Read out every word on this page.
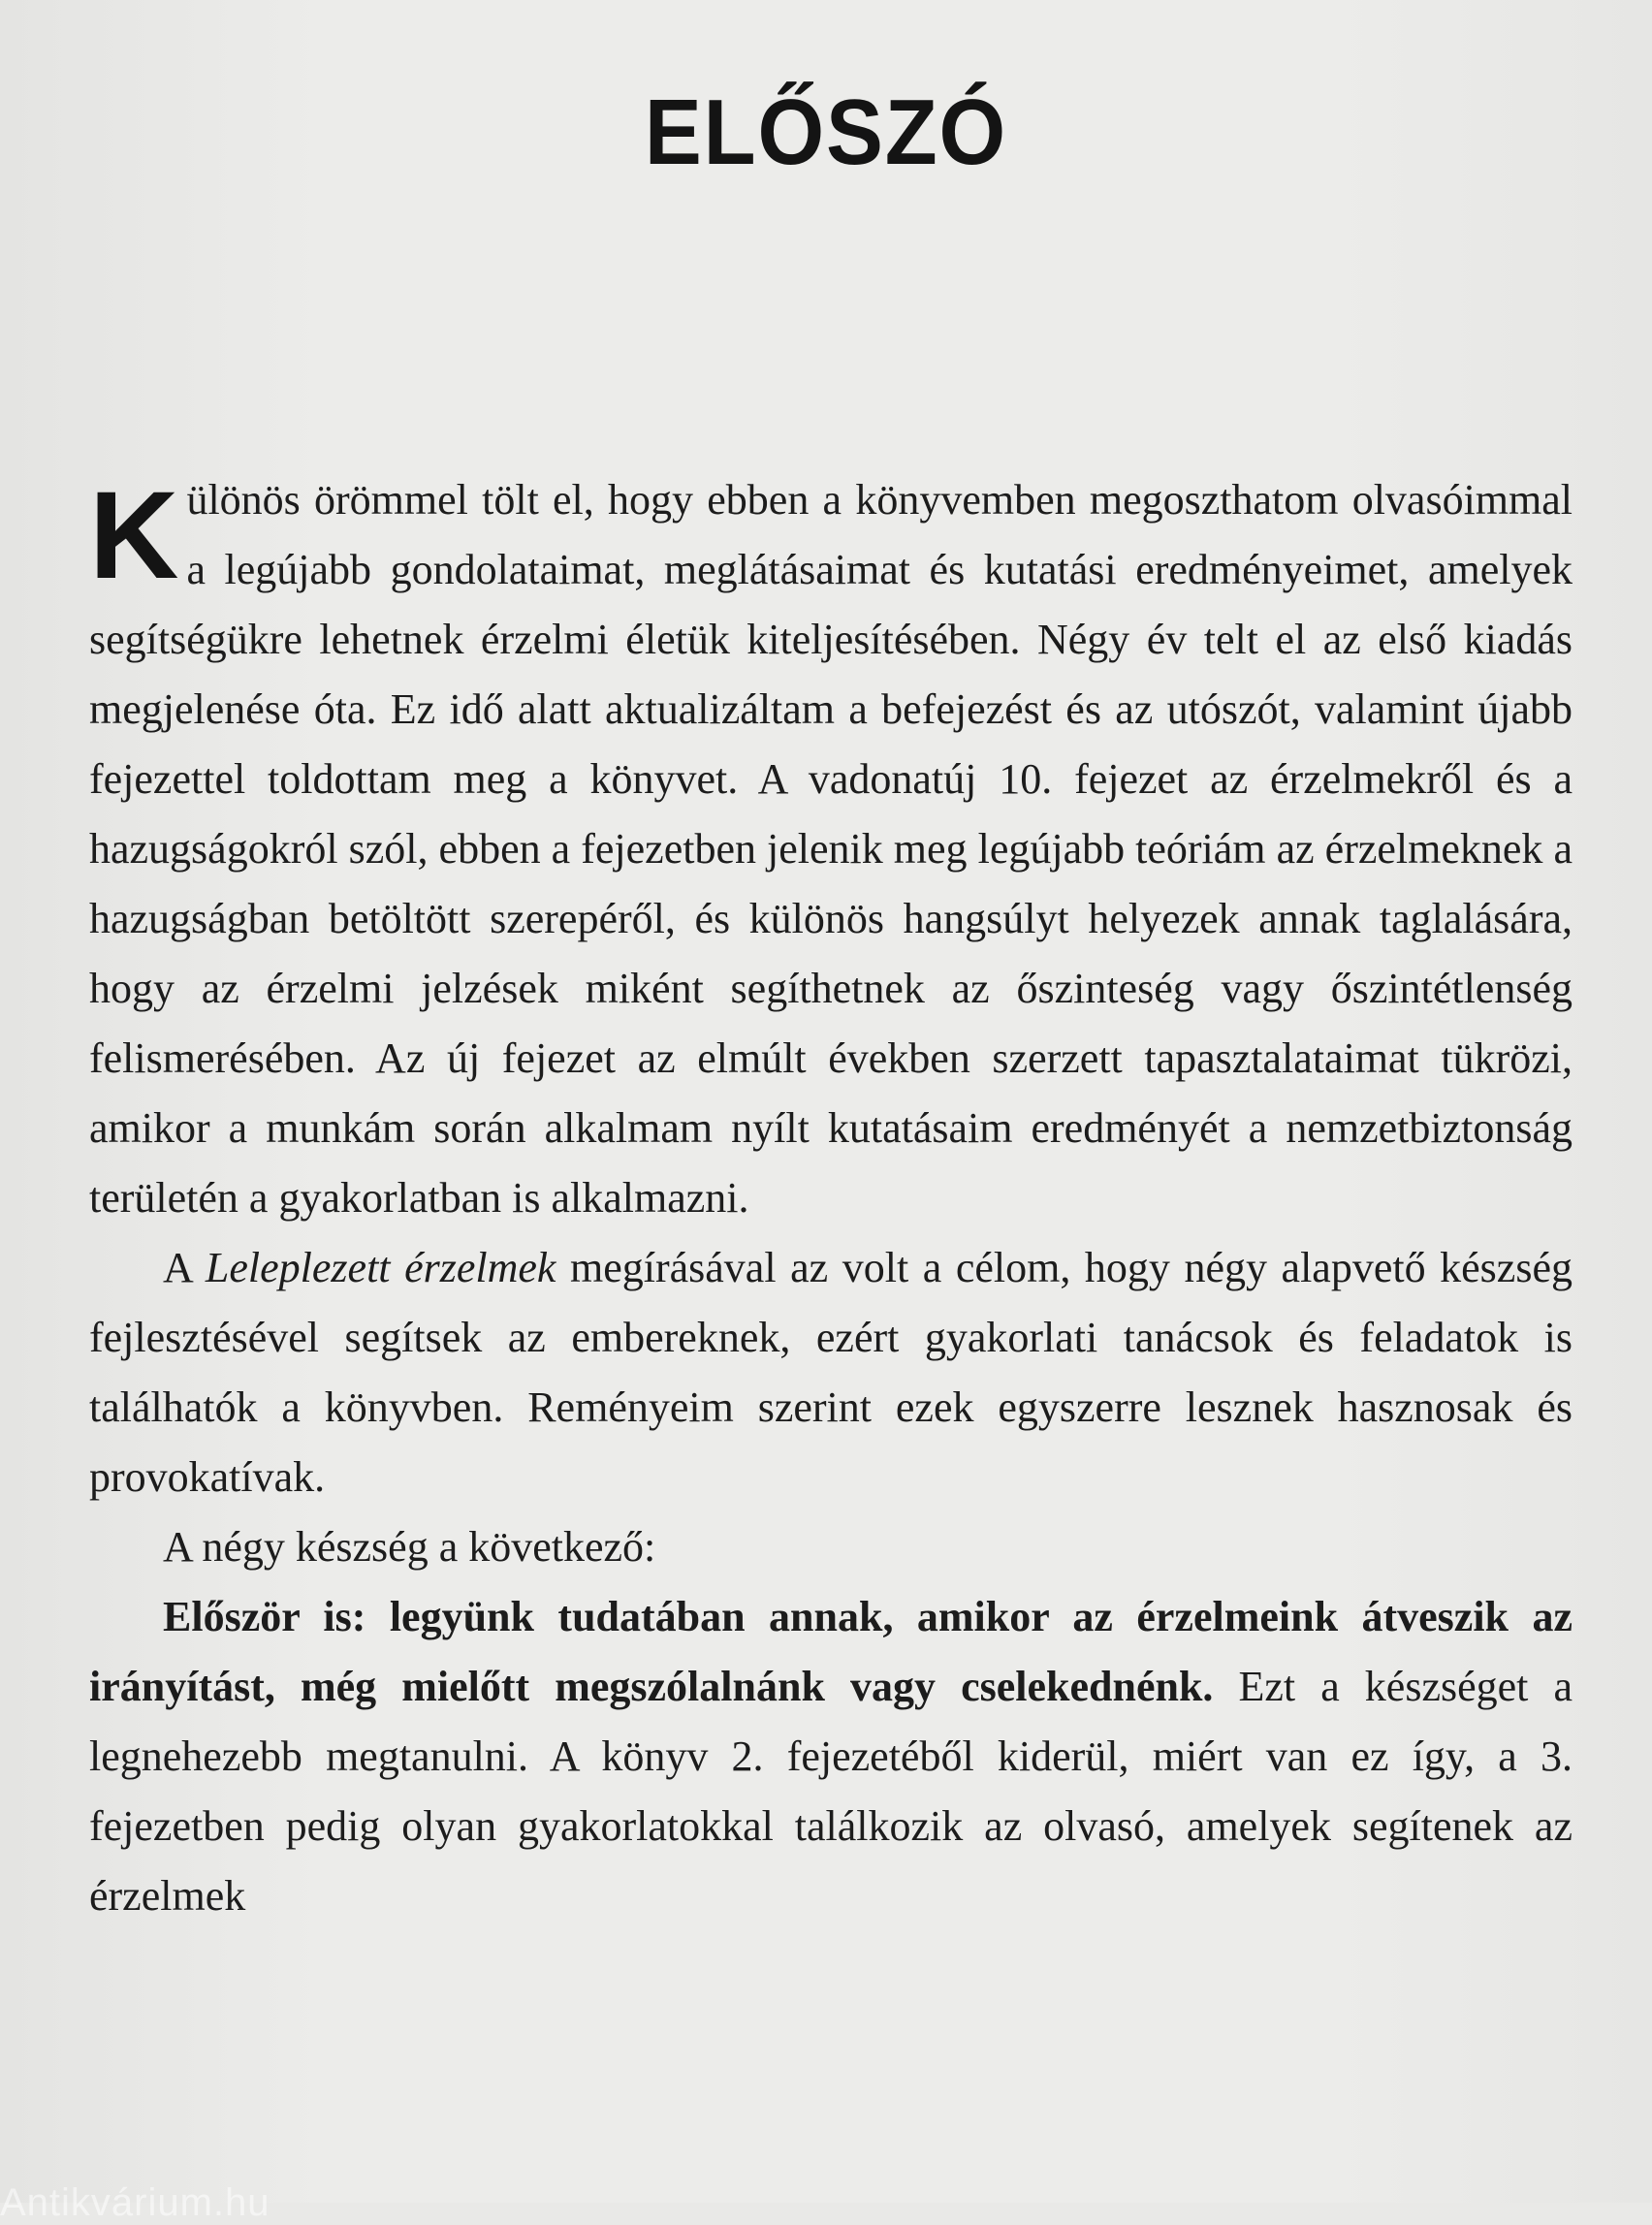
ELŐSZÓ

Különös örömmel tölt el, hogy ebben a könyvemben megoszthatom olvasóimmal a legújabb gondolataimat, meglátásaimat és kutatási eredményeimet, amelyek segítségükre lehetnek érzelmi életük kiteljesítésében. Négy év telt el az első kiadás megjelenése óta. Ez idő alatt aktualizáltam a befejezést és az utószót, valamint újabb fejezettel toldottam meg a könyvet. A vadonatúj 10. fejezet az érzelmekről és a hazugságokról szól, ebben a fejezetben jelenik meg legújabb teóriám az érzelmeknek a hazugságban betöltött szerepéről, és különös hangsúlyt helyezek annak taglalására, hogy az érzelmi jelzések miként segíthetnek az őszinteség vagy őszintétlenség felismerésében. Az új fejezet az elmúlt években szerzett tapasztalataimat tükrözi, amikor a munkám során alkalmam nyílt kutatásaim eredményét a nemzetbiztonság területén a gyakorlatban is alkalmazni.

A Leleplezett érzelmek megírásával az volt a célom, hogy négy alapvető készség fejlesztésével segítsek az embereknek, ezért gyakorlati tanácsok és feladatok is találhatók a könyvben. Reményeim szerint ezek egyszerre lesznek hasznosak és provokatívak.

A négy készség a következő:

Először is: legyünk tudatában annak, amikor az érzelmeink átveszik az irányítást, még mielőtt megszólalnánk vagy cselekednénk. Ezt a készséget a legnehezebb megtanulni. A könyv 2. fejezetéből kiderül, miért van ez így, a 3. fejezetben pedig olyan gyakorlatokkal találkozik az olvasó, amelyek segítenek az érzelmek

Antikvárium.hu
